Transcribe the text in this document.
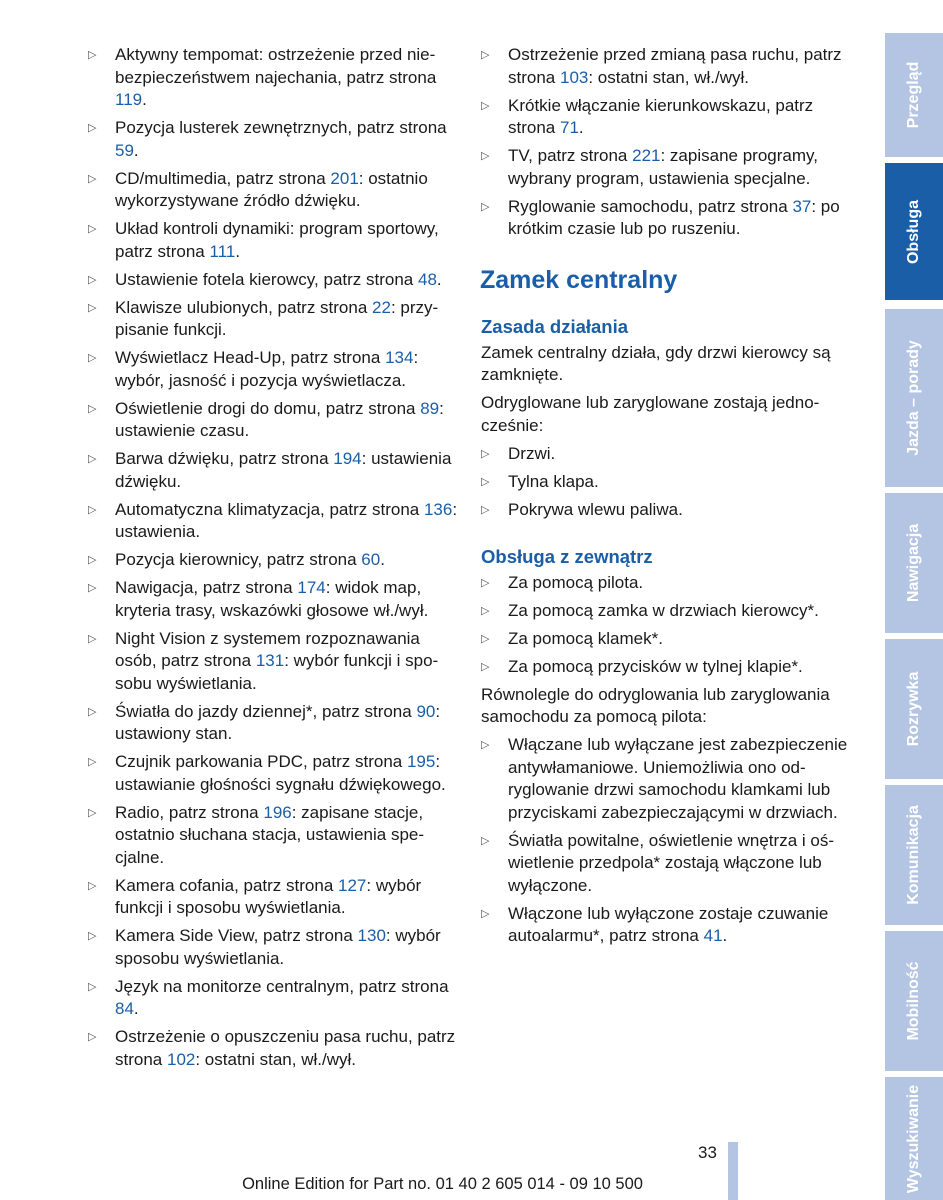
▷ Aktywny tempomat: ostrzeżenie przed niebezpieczeństwem najechania, patrz strona 119.
▷ Pozycja lusterek zewnętrznych, patrz strona 59.
▷ CD/multimedia, patrz strona 201: ostatnio wykorzystywane źródło dźwięku.
▷ Układ kontroli dynamiki: program sportowy, patrz strona 111.
▷ Ustawienie fotela kierowcy, patrz strona 48.
▷ Klawisze ulubionych, patrz strona 22: przypisanie funkcji.
▷ Wyświetlacz Head-Up, patrz strona 134: wybór, jasność i pozycja wyświetlacza.
▷ Oświetlenie drogi do domu, patrz strona 89: ustawienie czasu.
▷ Barwa dźwięku, patrz strona 194: ustawienia dźwięku.
▷ Automatyczna klimatyzacja, patrz strona 136: ustawienia.
▷ Pozycja kierownicy, patrz strona 60.
▷ Nawigacja, patrz strona 174: widok map, kryteria trasy, wskazówki głosowe wł./wył.
▷ Night Vision z systemem rozpoznawania osób, patrz strona 131: wybór funkcji i sposobu wyświetlania.
▷ Światła do jazdy dziennej*, patrz strona 90: ustawiony stan.
▷ Czujnik parkowania PDC, patrz strona 195: ustawianie głośności sygnału dźwiękowego.
▷ Radio, patrz strona 196: zapisane stacje, ostatnio słuchana stacja, ustawienia specjalne.
▷ Kamera cofania, patrz strona 127: wybór funkcji i sposobu wyświetlania.
▷ Kamera Side View, patrz strona 130: wybór sposobu wyświetlania.
▷ Język na monitorze centralnym, patrz strona 84.
▷ Ostrzeżenie o opuszczeniu pasa ruchu, patrz strona 102: ostatni stan, wł./wył.
▷ Ostrzeżenie przed zmianą pasa ruchu, patrz strona 103: ostatni stan, wł./wył.
▷ Krótkie włączanie kierunkowskazu, patrz strona 71.
▷ TV, patrz strona 221: zapisane programy, wybrany program, ustawienia specjalne.
▷ Ryglowanie samochodu, patrz strona 37: po krótkim czasie lub po ruszeniu.
Zamek centralny
Zasada działania
Zamek centralny działa, gdy drzwi kierowcy są zamknięte.
Odryglowane lub zaryglowane zostają jednocześnie:
▷ Drzwi.
▷ Tylna klapa.
▷ Pokrywa wlewu paliwa.
Obsługa z zewnątrz
▷ Za pomocą pilota.
▷ Za pomocą zamka w drzwiach kierowcy*.
▷ Za pomocą klamek*.
▷ Za pomocą przycisków w tylnej klapie*.
Równolegle do odryglowania lub zaryglowania samochodu za pomocą pilota:
▷ Włączane lub wyłączane jest zabezpieczenie antywłamaniowe. Uniemożliwia ono odryglowanie drzwi samochodu klamkami lub przyciskami zabezpieczającymi w drzwiach.
▷ Światła powitalne, oświetlenie wnętrza i oświetlenie przedpola* zostają włączone lub wyłączone.
▷ Włączone lub wyłączone zostaje czuwanie autoalarmu*, patrz strona 41.
Przegląd
Obsługa
Jazda – porady
Nawigacja
Rozrywka
Komunikacja
Mobilność
Wyszukiwanie
33
Online Edition for Part no. 01 40 2 605 014 - 09 10 500
